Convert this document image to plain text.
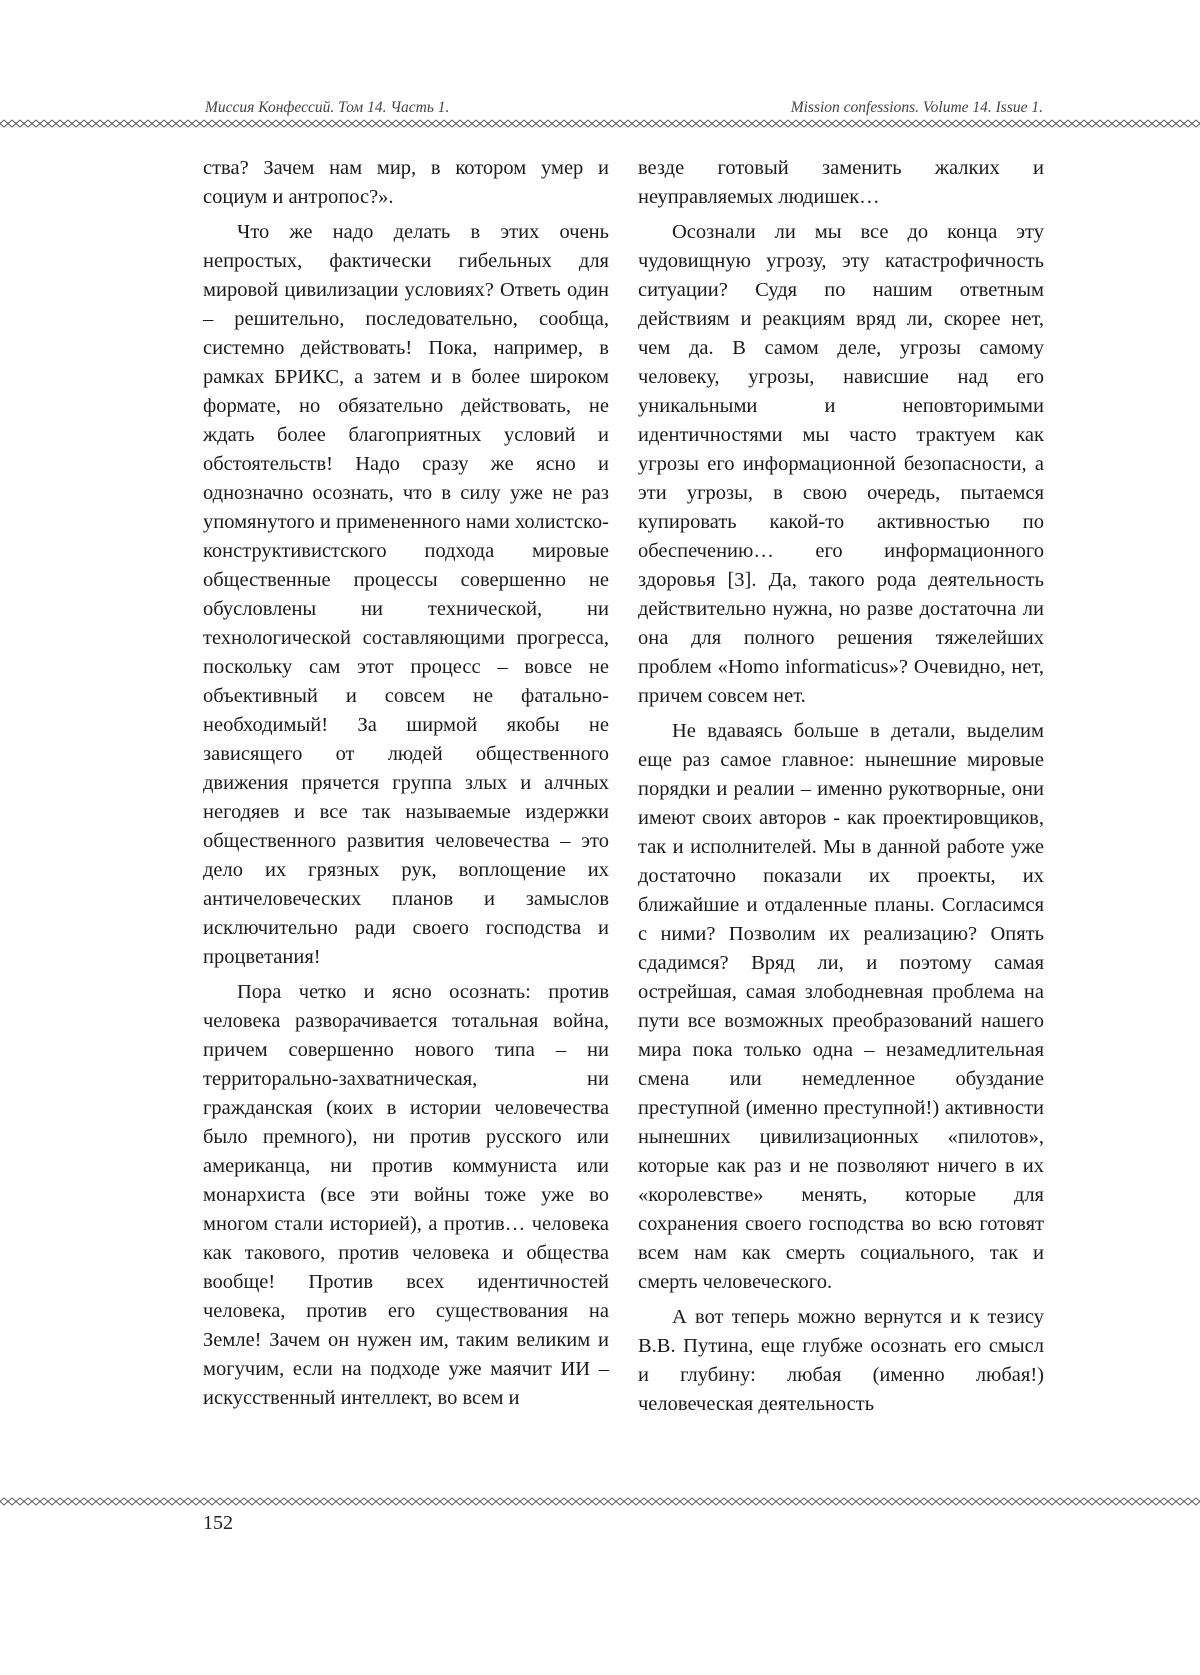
Миссия Конфессий. Том 14. Часть 1.	Mission confessions. Volume 14. Issue 1.

ства? Зачем нам мир, в котором умер и социум и антропос?».

Что же надо делать в этих очень непростых, фактически гибельных для мировой цивилизации условиях? Ответь один – решительно, последовательно, сообща, системно действовать! Пока, например, в рамках БРИКС, а затем и в более широком формате, но обязательно действовать, не ждать более благоприятных условий и обстоятельств! Надо сразу же ясно и однозначно осознать, что в силу уже не раз упомянутого и примененного нами холистско-конструктивистского подхода мировые общественные процессы совершенно не обусловлены ни технической, ни технологической составляющими прогресса, поскольку сам этот процесс – вовсе не объективный и совсем не фатально-необходимый! За ширмой якобы не зависящего от людей общественного движения прячется группа злых и алчных негодяев и все так называемые издержки общественного развития человечества – это дело их грязных рук, воплощение их античеловеческих планов и замыслов исключительно ради своего господства и процветания!

Пора четко и ясно осознать: против человека разворачивается тотальная война, причем совершенно нового типа – ни территорально-захватническая, ни гражданская (коих в истории человечества было премного), ни против русского или американца, ни против коммуниста или монархиста (все эти войны тоже уже во многом стали историей), а против… человека как такового, против человека и общества вообще! Против всех идентичностей человека, против его существования на Земле! Зачем он нужен им, таким великим и могучим, если на подходе уже маячит ИИ – искусственный интеллект, во всем и

везде готовый заменить жалких и неуправляемых людишек…

Осознали ли мы все до конца эту чудовищную угрозу, эту катастрофичность ситуации? Судя по нашим ответным действиям и реакциям вряд ли, скорее нет, чем да. В самом деле, угрозы самому человеку, угрозы, нависшие над его уникальными и неповторимыми идентичностями мы часто трактуем как угрозы его информационной безопасности, а эти угрозы, в свою очередь, пытаемся купировать какой-то активностью по обеспечению… его информационного здоровья [3]. Да, такого рода деятельность действительно нужна, но разве достаточна ли она для полного решения тяжелейших проблем «Homo informaticus»? Очевидно, нет, причем совсем нет.

Не вдаваясь больше в детали, выделим еще раз самое главное: нынешние мировые порядки и реалии – именно рукотворные, они имеют своих авторов - как проектировщиков, так и исполнителей. Мы в данной работе уже достаточно показали их проекты, их ближайшие и отдаленные планы. Согласимся с ними? Позволим их реализацию? Опять сдадимся? Вряд ли, и поэтому самая острейшая, самая злободневная проблема на пути все возможных преобразований нашего мира пока только одна – незамедлительная смена или немедленное обуздание преступной (именно преступной!) активности нынешних цивилизационных «пилотов», которые как раз и не позволяют ничего в их «королевстве» менять, которые для сохранения своего господства во всю готовят всем нам как смерть социального, так и смерть человеческого.

А вот теперь можно вернутся и к тезису В.В. Путина, еще глубже осознать его смысл и глубину: любая (именно любая!) человеческая деятельность

152
